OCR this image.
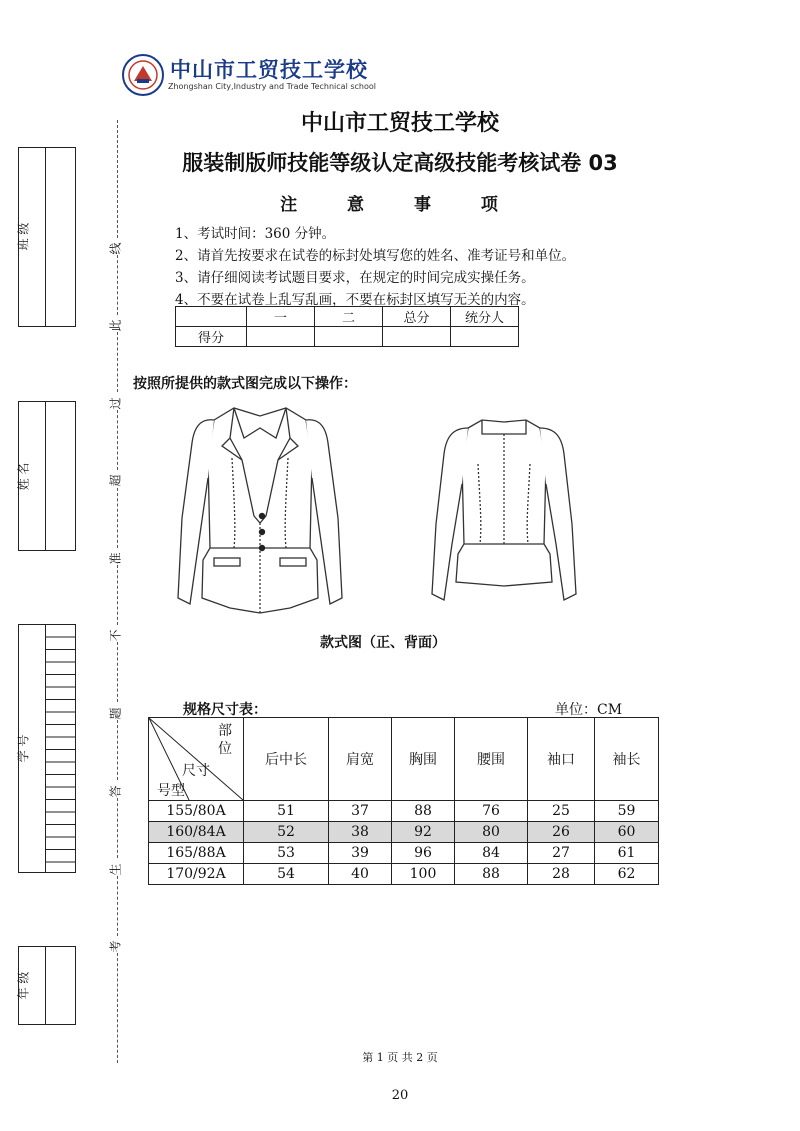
中山市工贸技工学校
Zhongshan City,Industry and Trade Technical school
中山市工贸技工学校
服装制版师技能等级认定高级技能考核试卷 03
注 意 事 项
1、考试时间：360 分钟。
2、请首先按要求在试卷的标封处填写您的姓名、准考证号和单位。
3、请仔细阅读考试题目要求，在规定的时间完成实操任务。
4、不要在试卷上乱写乱画，不要在标封区填写无关的内容。
	一	二	总分	统分人
得分				
按照所提供的款式图完成以下操作：
款式图（正、背面）
规格尺寸表：	单位：CM
部位
尺寸
号型	后中长	肩宽	胸围	腰围	袖口	袖长
155/80A	51	37	88	76	25	59
160/84A	52	38	92	80	26	60
165/88A	53	39	96	84	27	61
170/92A	54	40	100	88	28	62
班 级
姓 名
学 号
年 级
线
此
过
超
准
不
题
答
生
考
第 1 页 共 2 页
20
